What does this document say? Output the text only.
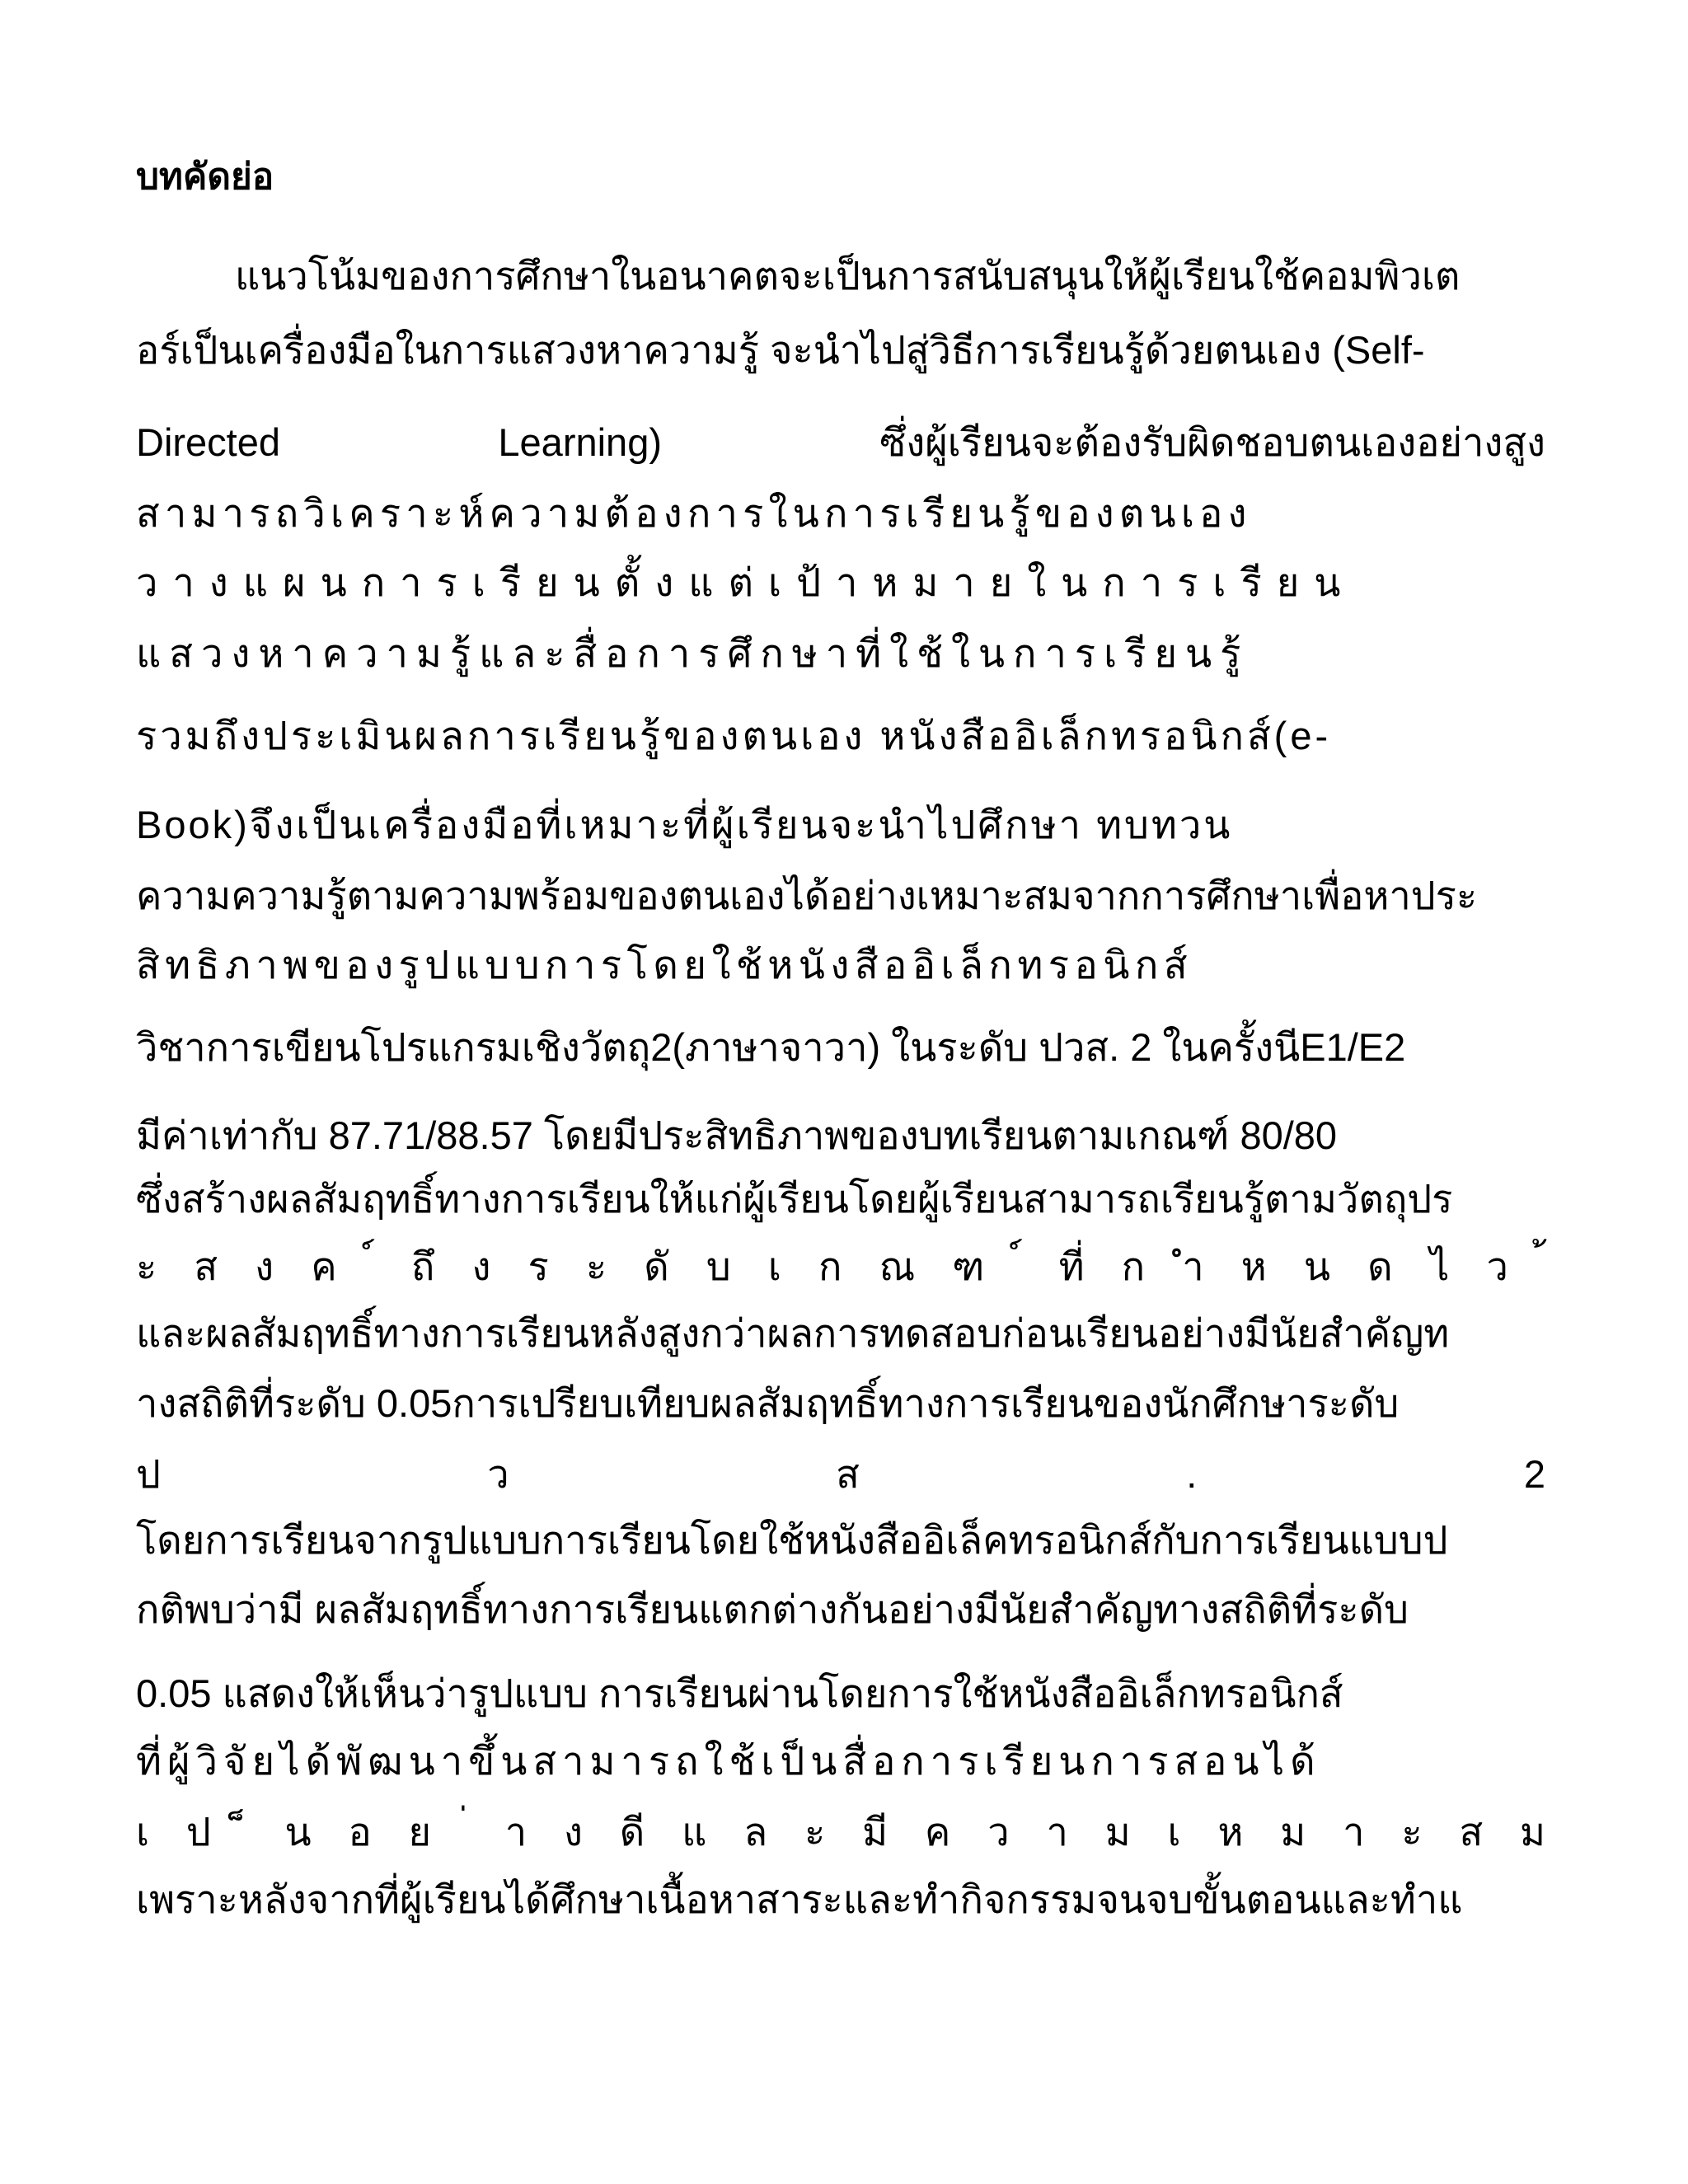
บทคัดย่อ
แนวโน้มของการศึกษาในอนาคตจะเป็นการสนับสนุนให้ผู้เรียนใช้คอมพิวเต
อร์เป็นเครื่องมือในการแสวงหาความรู้ จะนำไปสู่วิธีการเรียนรู้ด้วยตนเอง (Self-
Directed	Learning)	ซึ่งผู้เรียนจะต้องรับผิดชอบตนเองอย่างสูง
สามารถวิเคราะห์ความต้องการในการเรียนรู้ของตนเอง
วางแผนการเรียนตั้งแต่เป้าหมายในการเรียน
แสวงหาความรู้และสื่อการศึกษาที่ใช้ในการเรียนรู้
รวมถึงประเมินผลการเรียนรู้ของตนเอง หนังสืออิเล็กทรอนิกส์(e-
Book)จึงเป็นเครื่องมือที่เหมาะที่ผู้เรียนจะนำไปศึกษา ทบทวน
ความความรู้ตามความพร้อมของตนเองได้อย่างเหมาะสมจากการศึกษาเพื่อหาประ
สิทธิภาพของรูปแบบการโดยใช้หนังสืออิเล็กทรอนิกส์
วิชาการเขียนโปรแกรมเชิงวัตถุ2(ภาษาจาวา) ในระดับ ปวส. 2 ในครั้งนีE1/E2
มีค่าเท่ากับ 87.71/88.57 โดยมีประสิทธิภาพของบทเรียนตามเกณฑ์ 80/80
ซึ่งสร้างผลสัมฤทธิ์ทางการเรียนให้แก่ผู้เรียนโดยผู้เรียนสามารถเรียนรู้ตามวัตถุปร
ะ ส ง ค ถึ ง ร ะ ดั บ เ ก ณ ฑ ที่ ก ำ ห น ด ไ ว
และผลสัมฤทธิ์ทางการเรียนหลังสูงกว่าผลการทดสอบก่อนเรียนอย่างมีนัยสำคัญท
างสถิติที่ระดับ 0.05การเปรียบเทียบผลสัมฤทธิ์ทางการเรียนของนักศึกษาระดับ
ป	ว	ส	.	2
โดยการเรียนจากรูปแบบการเรียนโดยใช้หนังสืออิเล็คทรอนิกส์กับการเรียนแบบป
กติพบว่ามี ผลสัมฤทธิ์ทางการเรียนแตกต่างกันอย่างมีนัยสำคัญทางสถิติที่ระดับ
0.05 แสดงให้เห็นว่ารูปแบบ การเรียนผ่านโดยการใช้หนังสืออิเล็กทรอนิกส์
ที่ผู้วิจัยได้พัฒนาขึ้นสามารถใช้เป็นสื่อการเรียนการสอนได้
เ ป น อ ย า ง ดี แ ล ะ มี ค ว า ม เ ห ม า ะ ส ม
เพราะหลังจากที่ผู้เรียนได้ศึกษาเนื้อหาสาระและทำกิจกรรมจนจบขั้นตอนและทำแ
